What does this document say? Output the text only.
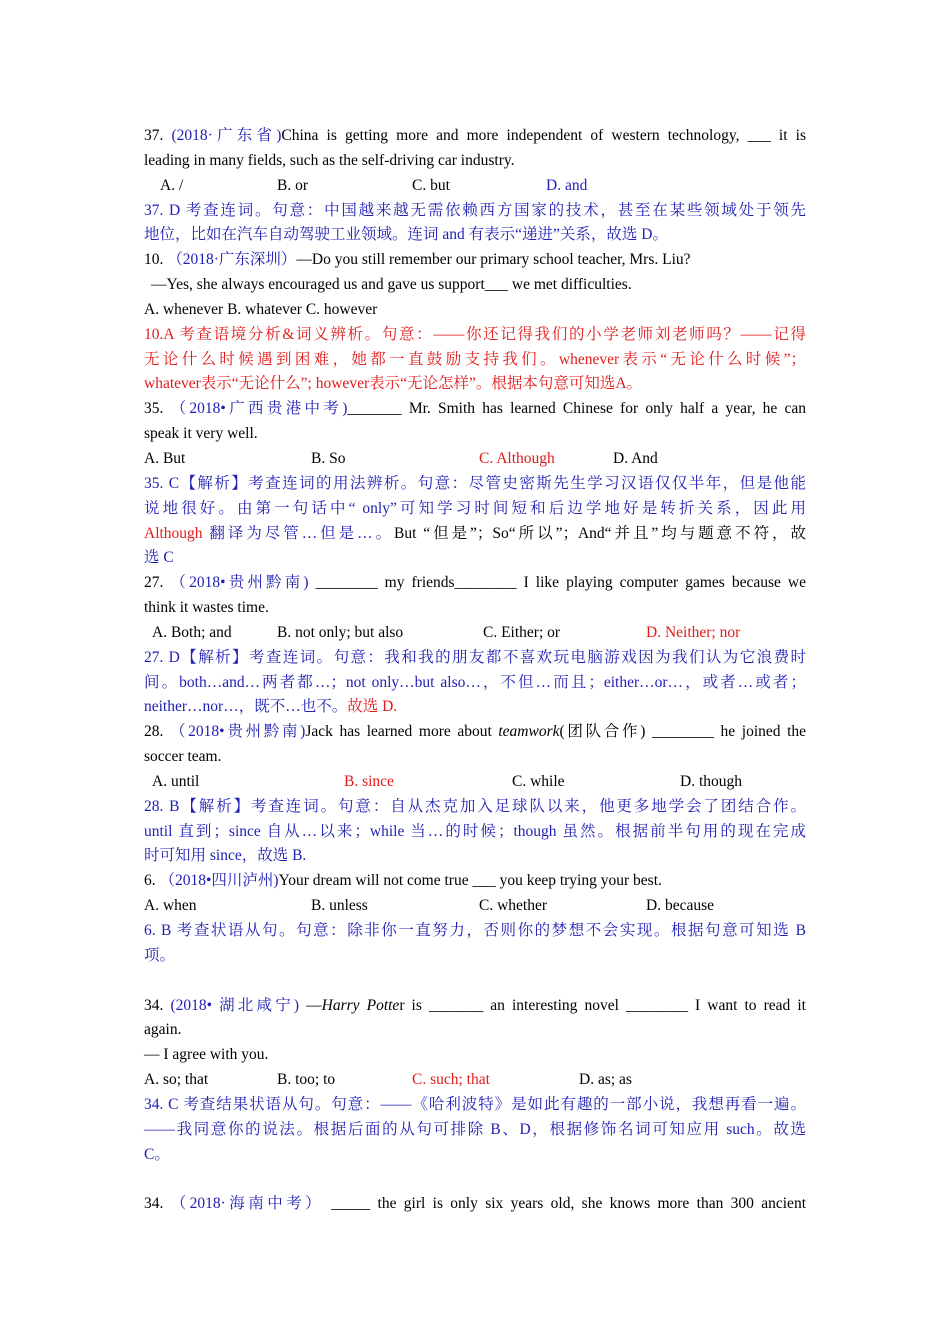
37. (2018·广东省)China is getting more and more independent of western technology, ___ it is
leading in many fields, such as the self-driving car industry.
A. /	B. or	C. but	D. and
37. D 考查连词。句意：中国越来越无需依赖西方国家的技术，甚至在某些领域处于领先
地位，比如在汽车自动驾驶工业领域。连词 and 有表示“递进”关系，故选 D。
10. （2018·广东深圳）—Do you still remember our primary school teacher, Mrs. Liu?
—Yes, she always encouraged us and gave us support___ we met difficulties.
A. whenever B. whatever C. however
10.A 考查语境分析&词义辨析。句意：——你还记得我们的小学老师刘老师吗？——记得
无论什么时候遇到困难，她都一直鼓励支持我们。whenever表示“无论什么时候”；
whatever表示“无论什么”; however表示“无论怎样”。根据本句意可知选A。
35. （2018•广西贵港中考)_______ Mr. Smith has learned Chinese for only half a year, he can
speak it very well.
A. But	B. So	C. Although	D. And
35. C【解析】考查连词的用法辨析。句意：尽管史密斯先生学习汉语仅仅半年，但是他能
说地很好。由第一句话中“ only”可知学习时间短和后边学地好是转折关系，因此用
Although 翻译为尽管…但是…。But “但是”；So“所以”；And“并且”均与题意不符，故
选 C
27. （2018•贵州黔南) ________ my friends________ I like playing computer games because we
think it wastes time.
A. Both; and	B. not only; but also	C. Either; or	D. Neither; nor
27. D【解析】考查连词。句意：我和我的朋友都不喜欢玩电脑游戏因为我们认为它浪费时
间。both…and…两者都…；not only…but also…，不但…而且；either…or…，或者…或者；
neither…nor…，既不…也不。故选 D.
28. （2018•贵州黔南)Jack has learned more about teamwork(团队合作) ________ he joined the
soccer team.
A. until	B. since	C. while	D. though
28. B【解析】考查连词。句意：自从杰克加入足球队以来，他更多地学会了团结合作。
until 直到；since 自从…以来；while 当…的时候；though 虽然。根据前半句用的现在完成
时可知用 since，故选 B.
6. （2018•四川泸州)Your dream will not come true ___ you keep trying your best.
A. when	B. unless	C. whether	D. because
6. B 考查状语从句。句意：除非你一直努力，否则你的梦想不会实现。根据句意可知选 B
项。
34. (2018• 湖北咸宁) —Harry Potter is _______ an interesting novel ________ I want to read it
again.
— I agree with you.
A. so; that	B. too; to	C. such; that	D. as; as
34. C 考查结果状语从句。句意：——《哈利波特》是如此有趣的一部小说，我想再看一遍。
——我同意你的说法。根据后面的从句可排除 B、D，根据修饰名词可知应用 such。故选
C。
34. （2018·海南中考） _____ the girl is only six years old, she knows more than 300 ancient
